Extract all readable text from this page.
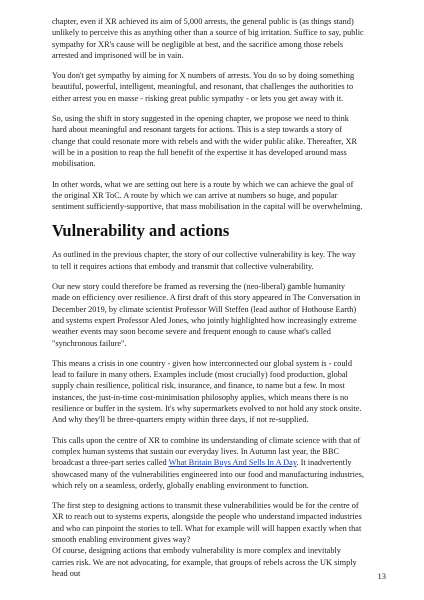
chapter, even if XR achieved its aim of 5,000 arrests, the general public is (as things stand) unlikely to perceive this as anything other than a source of big irritation. Suffice to say, public sympathy for XR's cause will be negligible at best, and the sacrifice among those rebels arrested and imprisoned will be in vain.

You don't get sympathy by aiming for X numbers of arrests. You do so by doing something beautiful, powerful, intelligent, meaningful, and resonant, that challenges the authorities to either arrest you en masse - risking great public sympathy - or lets you get away with it.

So, using the shift in story suggested in the opening chapter, we propose we need to think hard about meaningful and resonant targets for actions. This is a step towards a story of change that could resonate more with rebels and with the wider public alike. Thereafter, XR will be in a position to reap the full benefit of the expertise it has developed around mass mobilisation.

In other words, what we are setting out here is a route by which we can achieve the goal of the original XR ToC. A route by which we can arrive at numbers so huge, and popular sentiment sufficiently-supportive, that mass mobilisation in the capital will be overwhelming.

Vulnerability and actions

As outlined in the previous chapter, the story of our collective vulnerability is key. The way to tell it requires actions that embody and transmit that collective vulnerability.

Our new story could therefore be framed as reversing the (neo-liberal) gamble humanity made on efficiency over resilience. A first draft of this story appeared in The Conversation in December 2019, by climate scientist Professor Will Steffen (lead author of Hothouse Earth) and systems expert Professor Aled Jones, who jointly highlighted how increasingly extreme weather events may soon become severe and frequent enough to cause what's called "synchronous failure".

This means a crisis in one country - given how interconnected our global system is - could lead to failure in many others. Examples include (most crucially) food production, global supply chain resilience, political risk, insurance, and finance, to name but a few. In most instances, the just-in-time cost-minimisation philosophy applies, which means there is no resilience or buffer in the system. It's why supermarkets evolved to not hold any stock onsite. And why they'll be three-quarters empty within three days, if not re-supplied.

This calls upon the centre of XR to combine its understanding of climate science with that of complex human systems that sustain our everyday lives. In Autumn last year, the BBC broadcast a three-part series called What Britain Buys And Sells In A Day. It inadvertently showcased many of the vulnerabilities engineered into our food and manufacturing industries, which rely on a seamless, orderly, globally enabling environment to function.

The first step to designing actions to transmit these vulnerabilities would be for the centre of XR to reach out to systems experts, alongside the people who understand impacted industries and who can pinpoint the stories to tell. What for example will will happen exactly when that smooth enabling environment gives way?

Of course, designing actions that embody vulnerability is more complex and inevitably carries risk. We are not advocating, for example, that groups of rebels across the UK simply head out	13
